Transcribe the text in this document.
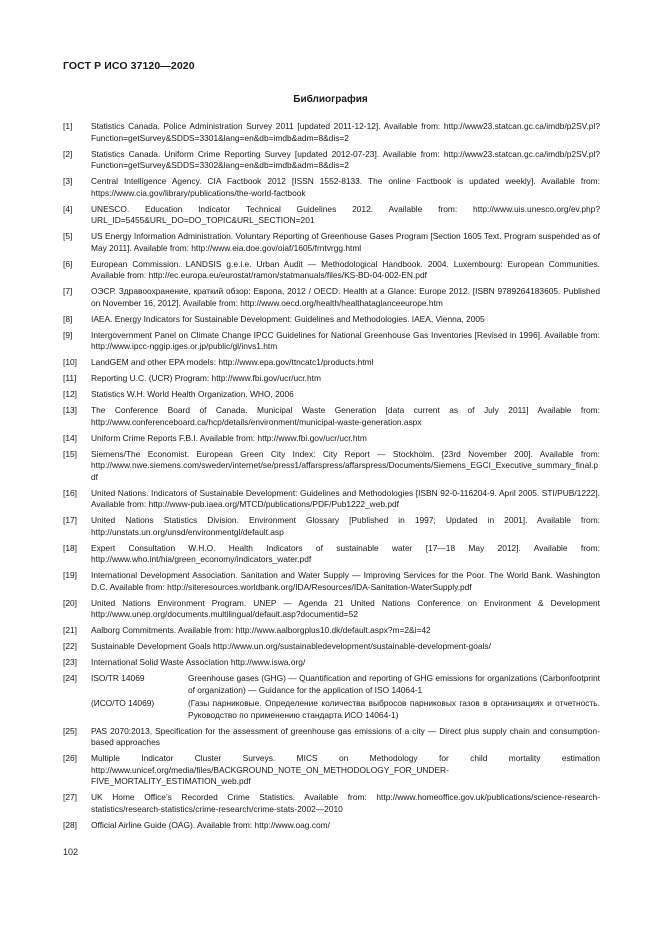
ГОСТ Р ИСО 37120—2020
Библиография
[1] Statistics Canada. Police Administration Survey 2011 [updated 2011-12-12]. Available from: http://www23.statcan.gc.ca/imdb/p2SV.pl?Function=getSurvey&SDDS=3301&lang=en&db=imdb&adm=8&dis=2
[2] Statistics Canada. Uniform Crime Reporting Survey [updated 2012-07-23]. Available from: http://www23.statcan.gc.ca/imdb/p2SV.pl?Function=getSurvey&SDDS=3302&lang=en&db=imdb&adm=8&dis=2
[3] Central Intelligence Agency. CIA Factbook 2012 [ISSN 1552-8133. The online Factbook is updated weekly]. Available from: https://www.cia.gov/library/publications/the-world-factbook
[4] UNESCO. Education Indicator Technical Guidelines 2012. Available from: http://www.uis.unesco.org/ev.php?URL_ID=5455&URL_DO=DO_TOPIC&URL_SECTION=201
[5] US Energy Information Administration. Voluntary Reporting of Greenhouse Gases Program [Section 1605 Text. Program suspended as of May 2011]. Available from: http://www.eia.doe.gov/oiaf/1605/frntvrgg.html
[6] European Commission. LANDSIS g.e.i.e. Urban Audit — Methodological Handbook. 2004. Luxembourg: European Communities. Available from: http://ec.europa.eu/eurostat/ramon/statmanuals/files/KS-BD-04-002-EN.pdf
[7] ОЭСР. Здравоохранение, краткий обзор: Европа, 2012 / OECD. Health at a Glance: Europe 2012. [ISBN 9789264183605. Published on November 16, 2012]. Available from: http://www.oecd.org/health/healthataglanceeurope.htm
[8] IAEA. Energy Indicators for Sustainable Development: Guidelines and Methodologies. IAEA, Vienna, 2005
[9] Intergovernment Panel on Climate Change IPCC Guidelines for National Greenhouse Gas Inventories [Revised in 1996]. Available from: http://www.ipcc-nggip.iges.or.jp/public/gl/invs1.htm
[10] LandGEM and other EPA models: http://www.epa.gov/ttncatc1/products.html
[11] Reporting U.C. (UCR) Program: http://www.fbi.gov/ucr/ucr.htm
[12] Statistics W.H. World Health Organization. WHO, 2006
[13] The Conference Board of Canada. Municipal Waste Generation [data current as of July 2011] Available from: http://www.conferenceboard.ca/hcp/details/environment/municipal-waste-generation.aspx
[14] Uniform Crime Reports F.B.I. Available from: http://www.fbi.gov/ucr/ucr.htm
[15] Siemens/The Economist. European Green City Index: City Report — Stockholm. [23rd November 200]. Available from: http://www.nwe.siemens.com/sweden/internet/se/press1/affarspress/affarspress/Documents/Siemens_EGCI_Executive_summary_final.pdf
[16] United Nations. Indicators of Sustainable Development: Guidelines and Methodologies [ISBN 92-0-116204-9. April 2005. STI/PUB/1222]. Available from: http://www-pub.iaea.org/MTCD/publications/PDF/Pub1222_web.pdf
[17] United Nations Statistics Division. Environment Glossary [Published in 1997; Updated in 2001]. Available from: http://unstats.un.org/unsd/environmentgl/default.asp
[18] Expert Consultation W.H.O. Health Indicators of sustainable water [17—18 May 2012]. Available from: http://www.who.int/hia/green_economy/indicators_water.pdf
[19] International Development Association. Sanitation and Water Supply — Improving Services for the Poor. The World Bank. Washington D.C. Available from: http://siteresources.worldbank.org/IDA/Resources/IDA-Sanitation-WaterSupply.pdf
[20] United Nations Environment Program. UNEP — Agenda 21 United Nations Conference on Environment & Development http://www.unep.org/documents.multilingual/default.asp?documentid=52
[21] Aalborg Commitments. Available from: http://www.aalborgplus10.dk/default.aspx?m=2&i=42
[22] Sustainable Development Goals http://www.un.org/sustainabledevelopment/sustainable-development-goals/
[23] International Solid Waste Association http://www.iswa.org/
[24] ISO/TR 14069	Greenhouse gases (GHG) — Quantification and reporting of GHG emissions for organizations (Carbonfootprint of organization) — Guidance for the application of ISO 14064-1
(ИСО/ТО 14069)	(Газы парниковые. Определение количества выбросов парниковых газов в организациях и отчетность. Руководство по применению стандарта ИСО 14064-1)
[25] PAS 2070:2013, Specification for the assessment of greenhouse gas emissions of a city — Direct plus supply chain and consumption-based approaches
[26] Multiple Indicator Cluster Surveys. MICS on Methodology for child mortality estimation http://www.unicef.org/media/files/BACKGROUND_NOTE_ON_METHODOLOGY_FOR_UNDER-FIVE_MORTALITY_ESTIMATION_web.pdf
[27] UK Home Office’s Recorded Crime Statistics. Available from: http://www.homeoffice.gov.uk/publications/science-research-statistics/research-statistics/crime-research/crime-stats-2002—2010
[28] Official Airline Guide (OAG). Available from: http://www.oag.com/
102
